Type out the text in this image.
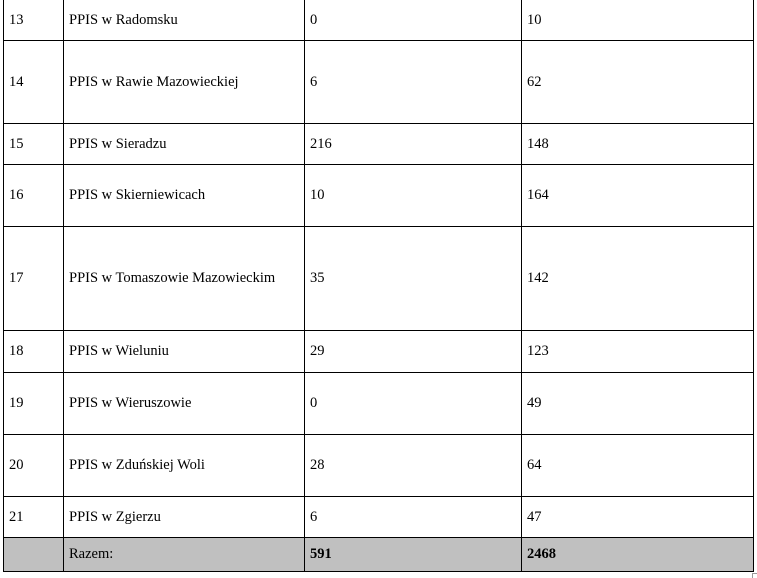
13	PPIS w Radomsku	0	10
14	PPIS w Rawie Mazowieckiej	6	62
15	PPIS w Sieradzu	216	148
16	PPIS w Skierniewicach	10	164
17	PPIS w Tomaszowie Mazowieckim	35	142
18	PPIS w Wieluniu	29	123
19	PPIS w Wieruszowie	0	49
20	PPIS w Zduńskiej Woli	28	64
21	PPIS w Zgierzu	6	47
	Razem:	591	2468
